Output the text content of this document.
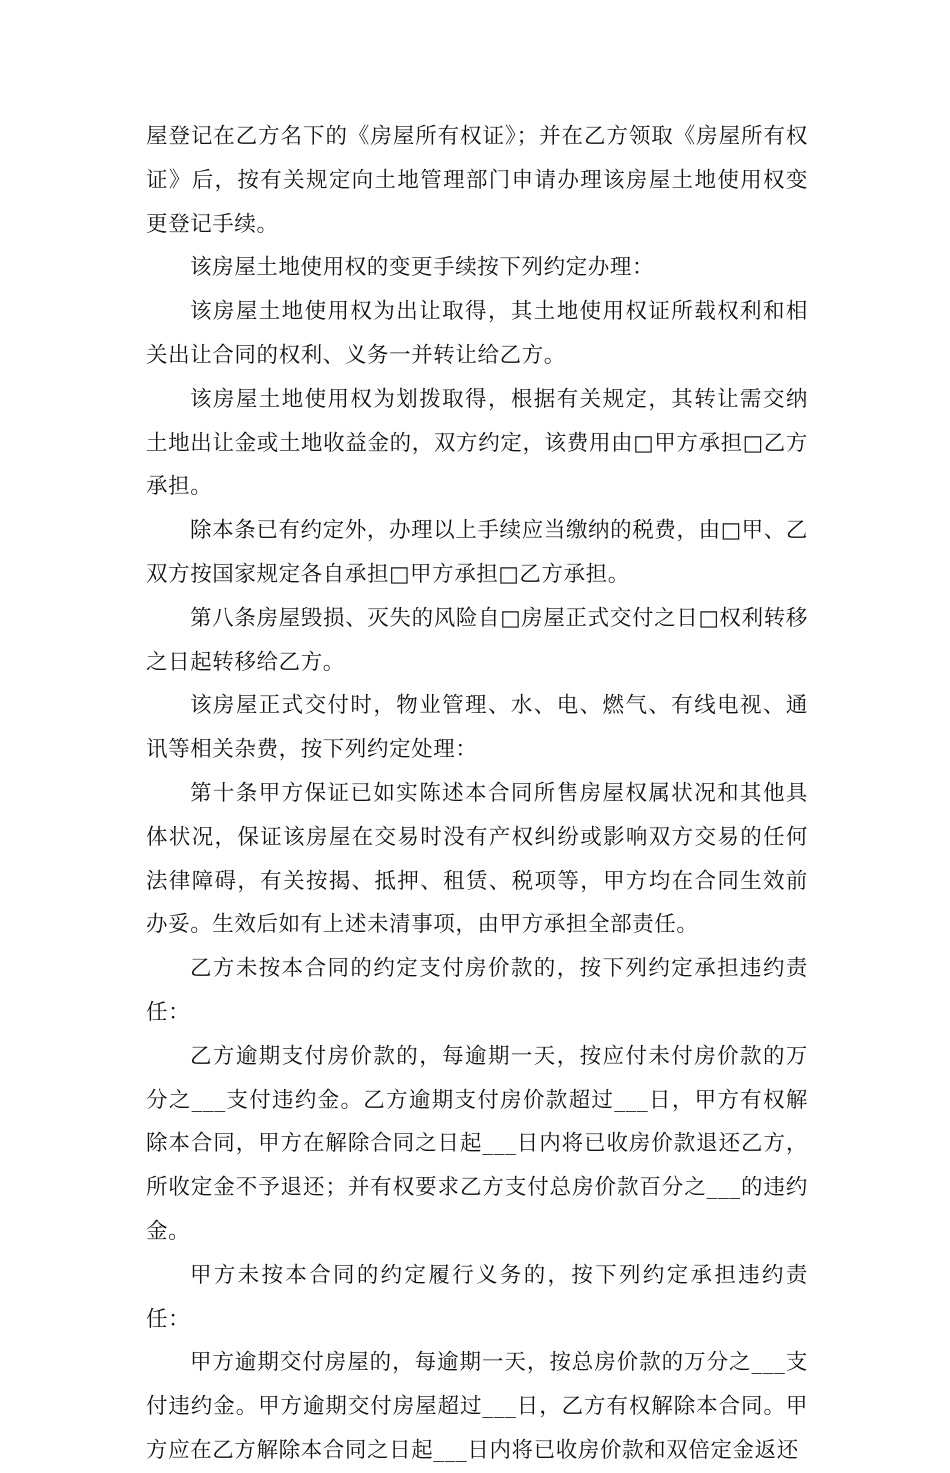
屋登记在乙方名下的《房屋所有权证》；并在乙方领取《房屋所有权证》后，按有关规定向土地管理部门申请办理该房屋土地使用权变更登记手续。

该房屋土地使用权的变更手续按下列约定办理：

该房屋土地使用权为出让取得，其土地使用权证所载权利和相关出让合同的权利、义务一并转让给乙方。

该房屋土地使用权为划拨取得，根据有关规定，其转让需交纳土地出让金或土地收益金的，双方约定，该费用由□甲方承担□乙方承担。

除本条已有约定外，办理以上手续应当缴纳的税费，由□甲、乙双方按国家规定各自承担□甲方承担□乙方承担。

第八条房屋毁损、灭失的风险自□房屋正式交付之日□权利转移之日起转移给乙方。

该房屋正式交付时，物业管理、水、电、燃气、有线电视、通讯等相关杂费，按下列约定处理：

第十条甲方保证已如实陈述本合同所售房屋权属状况和其他具体状况，保证该房屋在交易时没有产权纠纷或影响双方交易的任何法律障碍，有关按揭、抵押、租赁、税项等，甲方均在合同生效前办妥。生效后如有上述未清事项，由甲方承担全部责任。

乙方未按本合同的约定支付房价款的，按下列约定承担违约责任：

乙方逾期支付房价款的，每逾期一天，按应付未付房价款的万分之___支付违约金。乙方逾期支付房价款超过___日，甲方有权解除本合同，甲方在解除合同之日起___日内将已收房价款退还乙方，所收定金不予退还；并有权要求乙方支付总房价款百分之___的违约金。

甲方未按本合同的约定履行义务的，按下列约定承担违约责任：

甲方逾期交付房屋的，每逾期一天，按总房价款的万分之___支付违约金。甲方逾期交付房屋超过___日，乙方有权解除本合同。甲方应在乙方解除本合同之日起___日内将已收房价款和双倍定金返还
